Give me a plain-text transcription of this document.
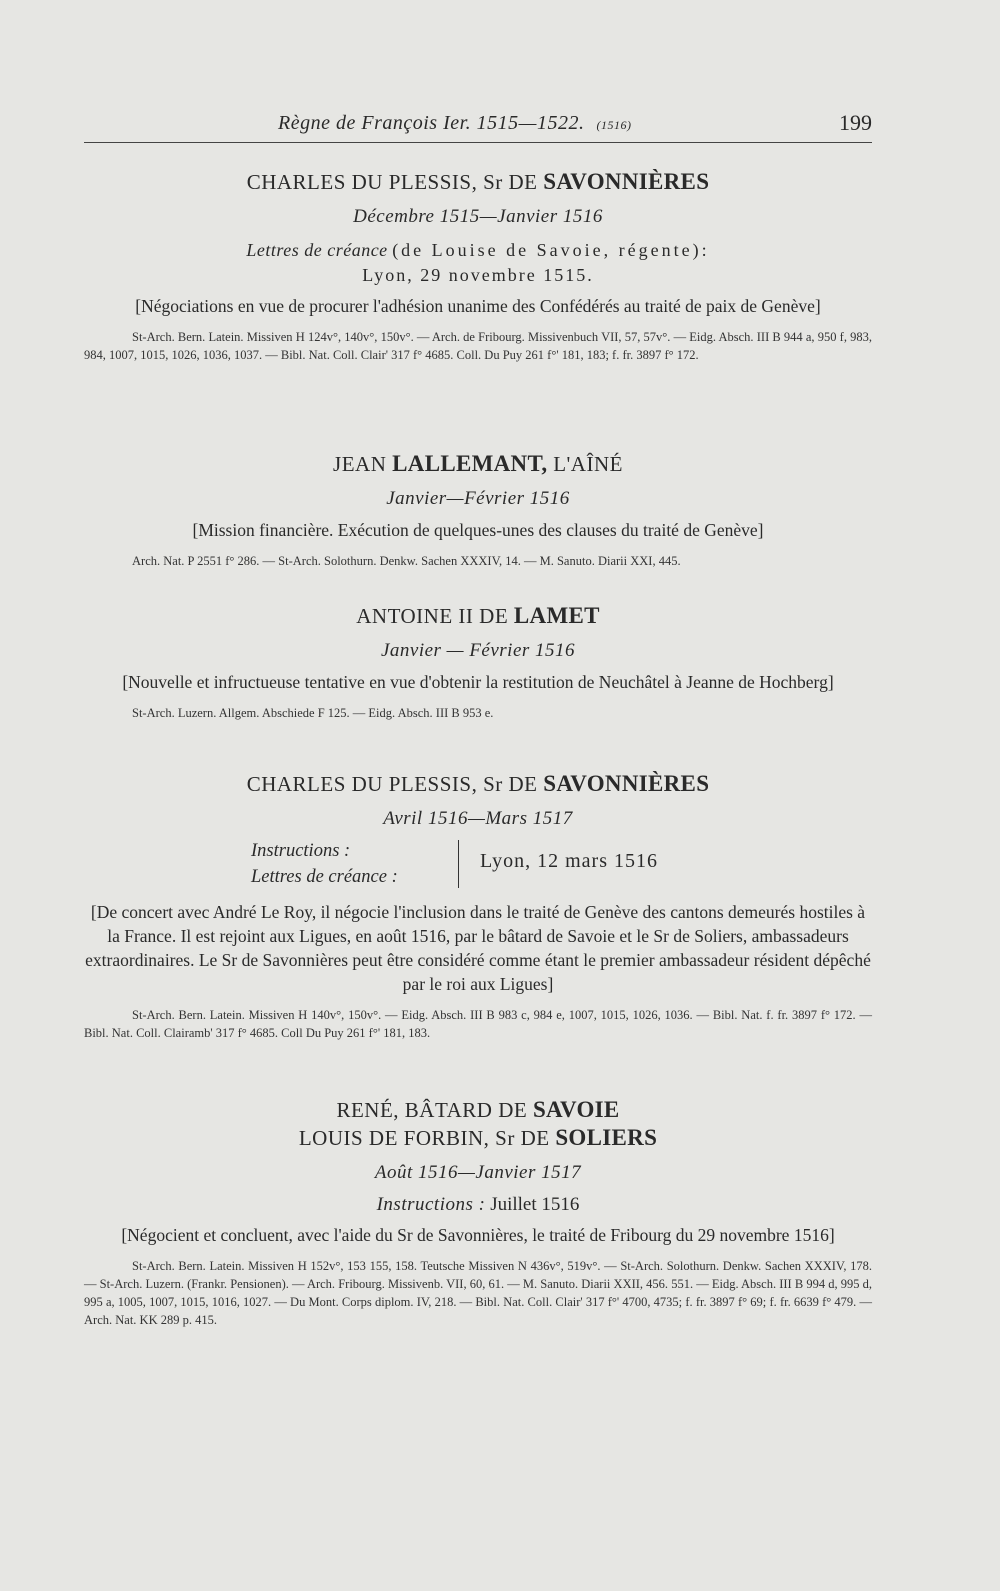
Règne de François Ier. 1515—1522. (1516)	199
CHARLES DU PLESSIS, Sr DE SAVONNIÈRES
Décembre 1515—Janvier 1516
Lettres de créance (de Louise de Savoie, régente):
Lyon, 29 novembre 1515.
[Négociations en vue de procurer l'adhésion unanime des Confédérés au traité de paix de Genève]
St-Arch. Bern. Latein. Missiven H 124v°, 140v°, 150v°. — Arch. de Fribourg. Missivenbuch VII, 57, 57v°. — Eidg. Absch. III B 944 a, 950 f, 983, 984, 1007, 1015, 1026, 1036, 1037. — Bibl. Nat. Coll. Clair' 317 f° 4685. Coll. Du Puy 261 f°' 181, 183; f. fr. 3897 f° 172.
JEAN LALLEMANT, L'AÎNÉ
Janvier—Février 1516
[Mission financière. Exécution de quelques-unes des clauses du traité de Genève]
Arch. Nat. P 2551 f° 286. — St-Arch. Solothurn. Denkw. Sachen XXXIV, 14. — M. Sanuto. Diarii XXI, 445.
ANTOINE II DE LAMET
Janvier — Février 1516
[Nouvelle et infructueuse tentative en vue d'obtenir la restitution de Neuchâtel à Jeanne de Hochberg]
St-Arch. Luzern. Allgem. Abschiede F 125. — Eidg. Absch. III B 953 e.
CHARLES DU PLESSIS, Sr DE SAVONNIÈRES
Avril 1516—Mars 1517
Instructions :
Lettres de créance :
Lyon, 12 mars 1516
[De concert avec André Le Roy, il négocie l'inclusion dans le traité de Genève des cantons demeurés hostiles à la France. Il est rejoint aux Ligues, en août 1516, par le bâtard de Savoie et le Sr de Soliers, ambassadeurs extraordinaires. Le Sr de Savonnières peut être considéré comme étant le premier ambassadeur résident dépêché par le roi aux Ligues]
St-Arch. Bern. Latein. Missiven H 140v°, 150v°. — Eidg. Absch. III B 983 c, 984 e, 1007, 1015, 1026, 1036. — Bibl. Nat. f. fr. 3897 f° 172. — Bibl. Nat. Coll. Clairamb' 317 f° 4685. Coll Du Puy 261 f°' 181, 183.
RENÉ, BÂTARD DE SAVOIE
LOUIS DE FORBIN, Sr DE SOLIERS
Août 1516—Janvier 1517
Instructions : Juillet 1516
[Négocient et concluent, avec l'aide du Sr de Savonnières, le traité de Fribourg du 29 novembre 1516]
St-Arch. Bern. Latein. Missiven H 152v°, 153 155, 158. Teutsche Missiven N 436v°, 519v°. — St-Arch. Solothurn. Denkw. Sachen XXXIV, 178. — St-Arch. Luzern. (Frankr. Pensionen). — Arch. Fribourg. Missivenb. VII, 60, 61. — M. Sanuto. Diarii XXII, 456. 551. — Eidg. Absch. III B 994 d, 995 d, 995 a, 1005, 1007, 1015, 1016, 1027. — Du Mont. Corps diplom. IV, 218. — Bibl. Nat. Coll. Clair' 317 f°' 4700, 4735; f. fr. 3897 f° 69; f. fr. 6639 f° 479. — Arch. Nat. KK 289 p. 415.
